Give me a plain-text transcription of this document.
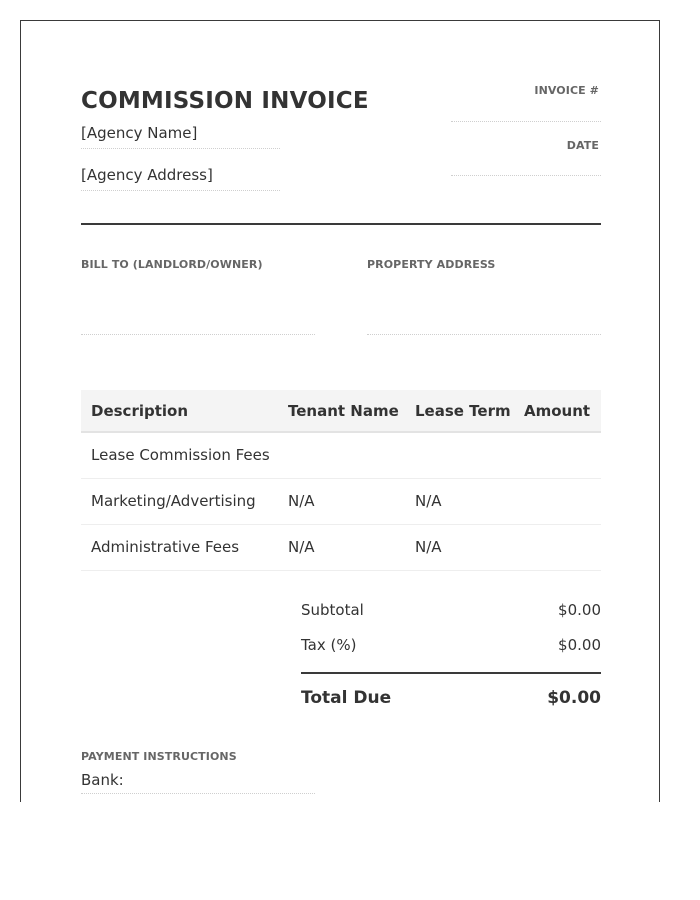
COMMISSION INVOICE
[Agency Name]
[Agency Address]
INVOICE #
DATE
BILL TO (LANDLORD/OWNER)	PROPERTY ADDRESS
Description	Tenant Name	Lease Term	Amount
Lease Commission Fees			
Marketing/Advertising	N/A	N/A	
Administrative Fees	N/A	N/A	
Subtotal	$0.00
Tax (%)	$0.00
Total Due	$0.00
PAYMENT INSTRUCTIONS
Bank:
